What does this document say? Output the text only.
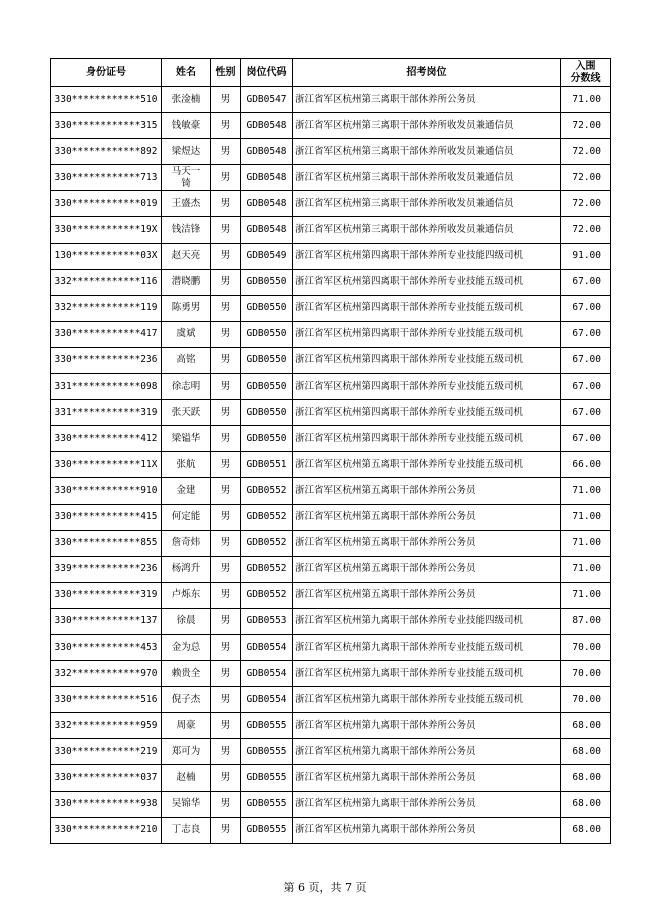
身份证号	姓名	性别	岗位代码	招考岗位	入围
分数线
330************510	张淦楠	男	GDB0547	浙江省军区杭州第三离职干部休养所公务员	71.00
330************315	钱敏豪	男	GDB0548	浙江省军区杭州第三离职干部休养所收发员兼通信员	72.00
330************892	梁煜达	男	GDB0548	浙江省军区杭州第三离职干部休养所收发员兼通信员	72.00
330************713	马天一锜	男	GDB0548	浙江省军区杭州第三离职干部休养所收发员兼通信员	72.00
330************019	王盛杰	男	GDB0548	浙江省军区杭州第三离职干部休养所收发员兼通信员	72.00
330************19X	钱洁锋	男	GDB0548	浙江省军区杭州第三离职干部休养所收发员兼通信员	72.00
130************03X	赵天亮	男	GDB0549	浙江省军区杭州第四离职干部休养所专业技能四级司机	91.00
332************116	潜晓鹏	男	GDB0550	浙江省军区杭州第四离职干部休养所专业技能五级司机	67.00
332************119	陈勇男	男	GDB0550	浙江省军区杭州第四离职干部休养所专业技能五级司机	67.00
330************417	虞斌	男	GDB0550	浙江省军区杭州第四离职干部休养所专业技能五级司机	67.00
330************236	高铭	男	GDB0550	浙江省军区杭州第四离职干部休养所专业技能五级司机	67.00
331************098	徐志明	男	GDB0550	浙江省军区杭州第四离职干部休养所专业技能五级司机	67.00
331************319	张天跃	男	GDB0550	浙江省军区杭州第四离职干部休养所专业技能五级司机	67.00
330************412	梁镒华	男	GDB0550	浙江省军区杭州第四离职干部休养所专业技能五级司机	67.00
330************11X	张航	男	GDB0551	浙江省军区杭州第五离职干部休养所专业技能五级司机	66.00
330************910	金建	男	GDB0552	浙江省军区杭州第五离职干部休养所公务员	71.00
330************415	何定能	男	GDB0552	浙江省军区杭州第五离职干部休养所公务员	71.00
330************855	詹奇炜	男	GDB0552	浙江省军区杭州第五离职干部休养所公务员	71.00
339************236	杨鸿升	男	GDB0552	浙江省军区杭州第五离职干部休养所公务员	71.00
330************319	卢烁东	男	GDB0552	浙江省军区杭州第五离职干部休养所公务员	71.00
330************137	徐晨	男	GDB0553	浙江省军区杭州第九离职干部休养所专业技能四级司机	87.00
330************453	金为总	男	GDB0554	浙江省军区杭州第九离职干部休养所专业技能五级司机	70.00
332************970	赖贵全	男	GDB0554	浙江省军区杭州第九离职干部休养所专业技能五级司机	70.00
330************516	倪子杰	男	GDB0554	浙江省军区杭州第九离职干部休养所专业技能五级司机	70.00
332************959	周豪	男	GDB0555	浙江省军区杭州第九离职干部休养所公务员	68.00
330************219	郑可为	男	GDB0555	浙江省军区杭州第九离职干部休养所公务员	68.00
330************037	赵楠	男	GDB0555	浙江省军区杭州第九离职干部休养所公务员	68.00
330************938	吴锦华	男	GDB0555	浙江省军区杭州第九离职干部休养所公务员	68.00
330************210	丁志良	男	GDB0555	浙江省军区杭州第九离职干部休养所公务员	68.00
第 6 页，共 7 页
